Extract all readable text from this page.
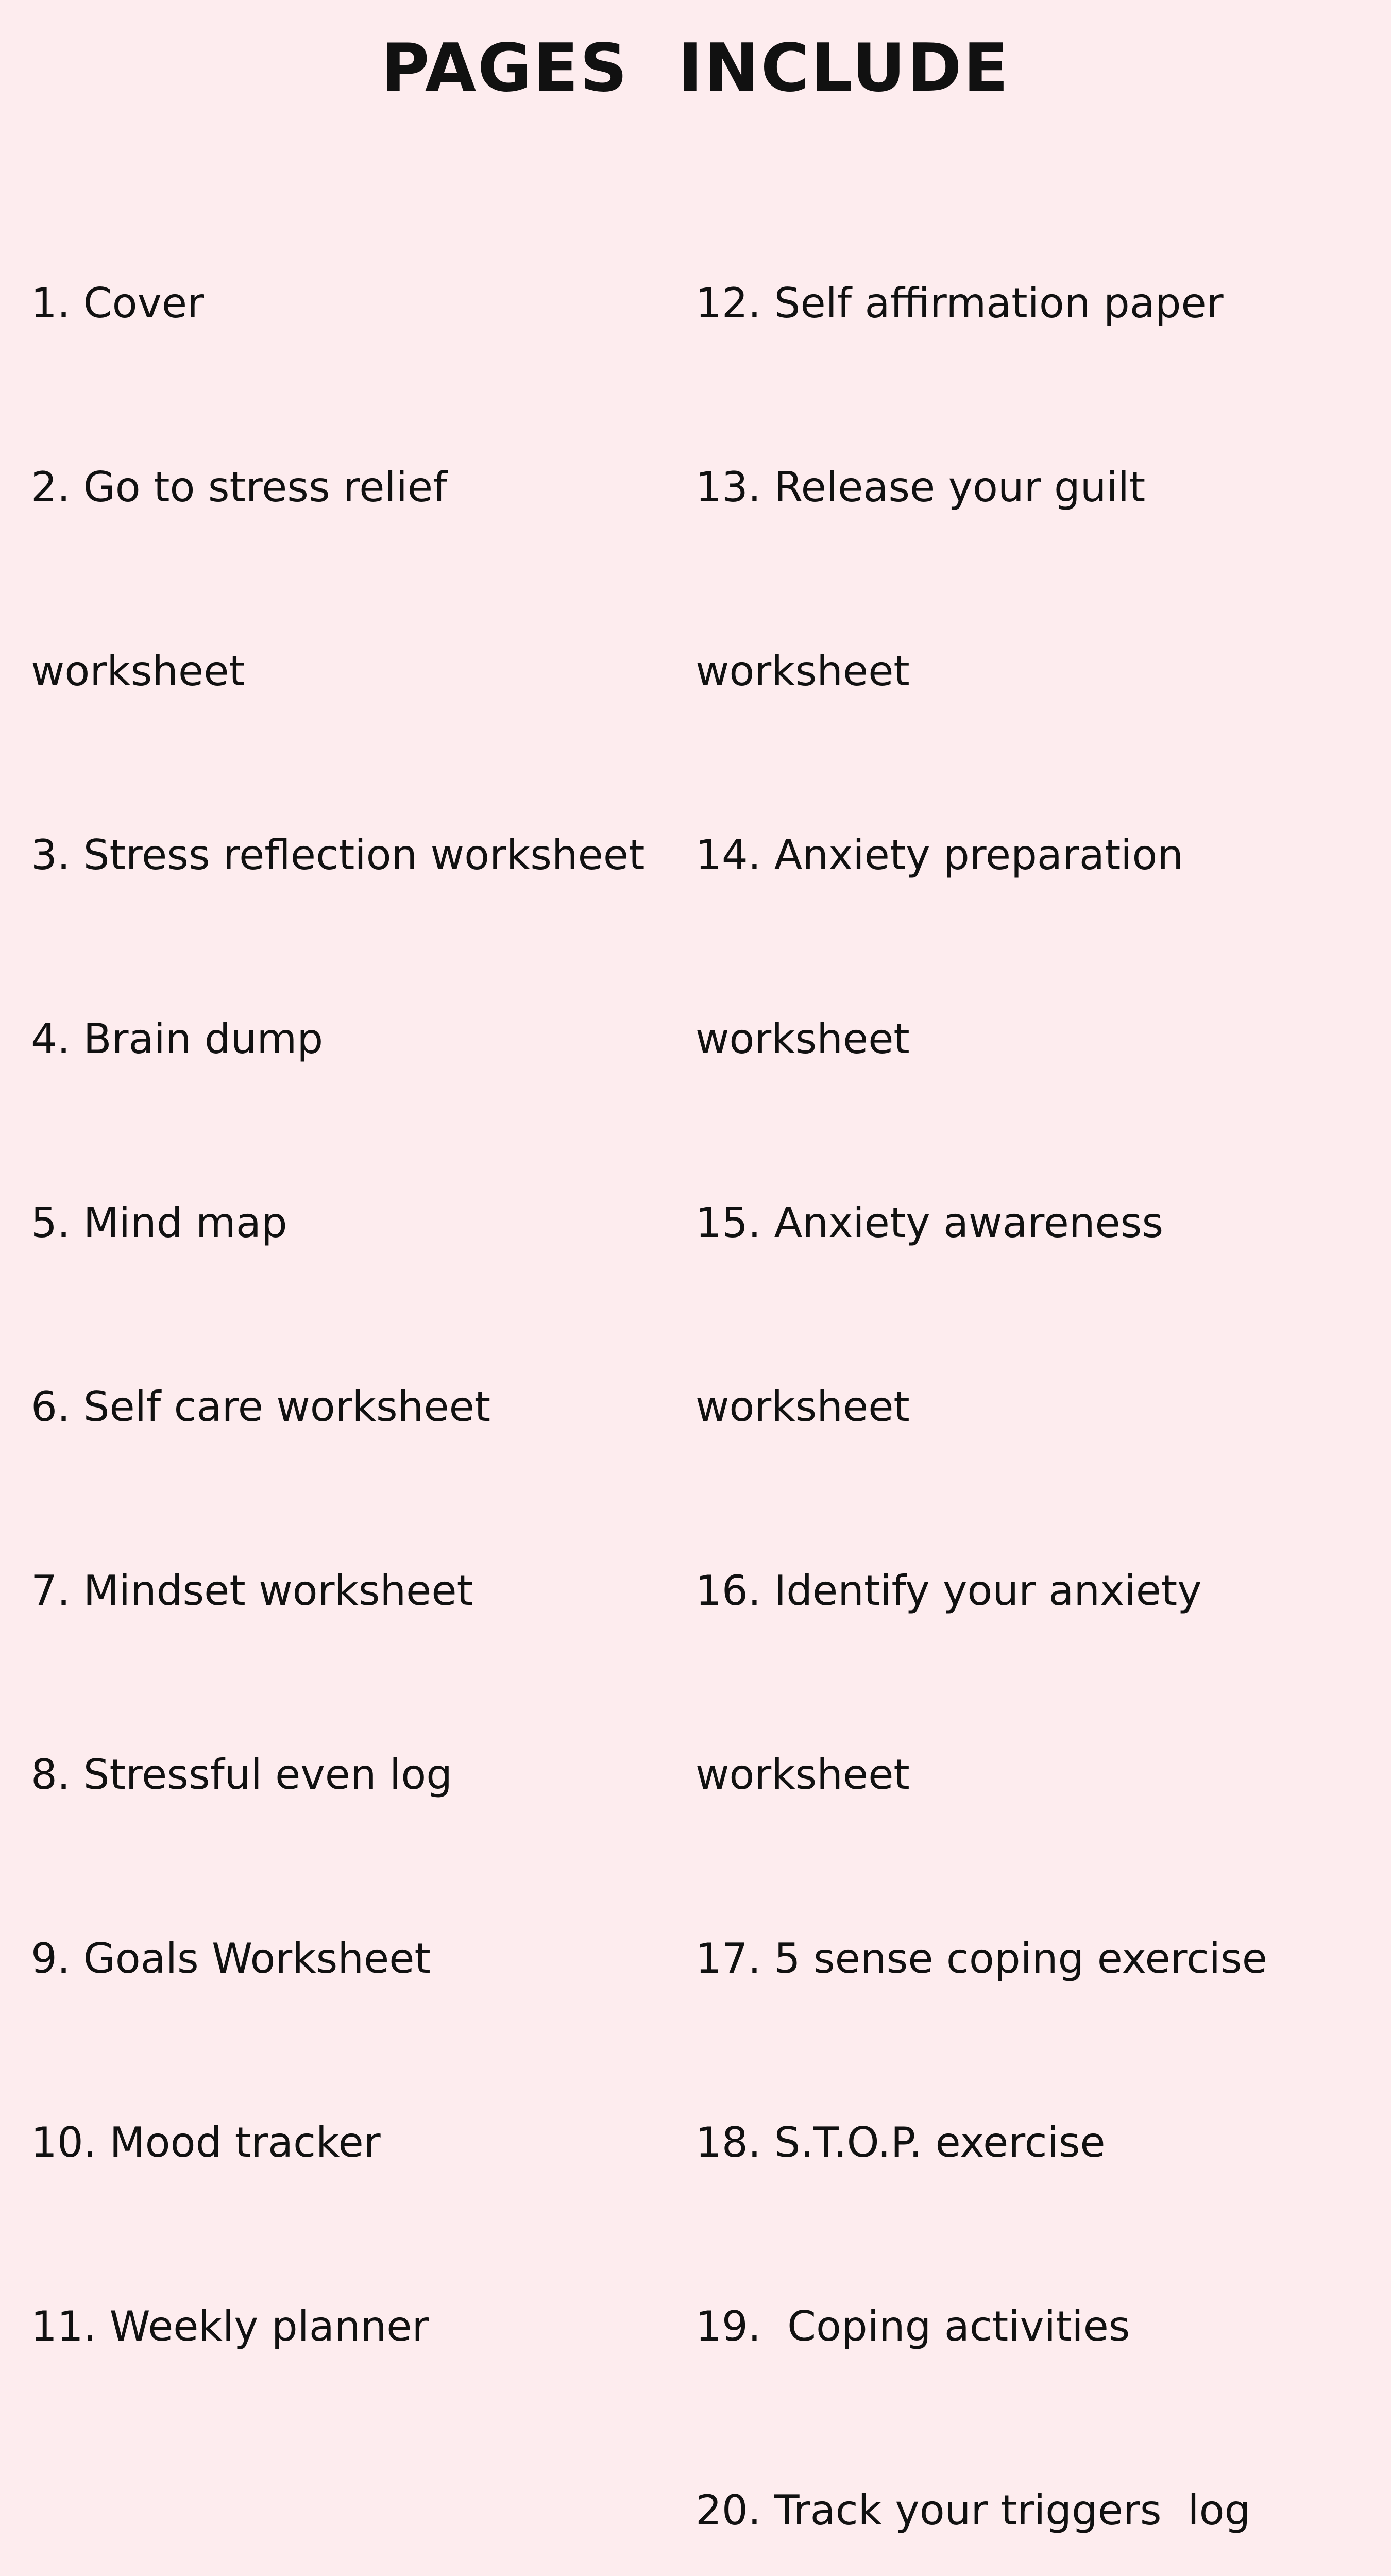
PAGES  INCLUDE

1. Cover

2. Go to stress relief

worksheet

3. Stress reflection worksheet

4. Brain dump

5. Mind map

6. Self care worksheet

7. Mindset worksheet

8. Stressful even log

9. Goals Worksheet

10. Mood tracker

11. Weekly planner

12. Self affirmation paper

13. Release your guilt

worksheet

14. Anxiety preparation

worksheet

15. Anxiety awareness

worksheet

16. Identify your anxiety

worksheet

17. 5 sense coping exercise

18. S.T.O.P. exercise

19.  Coping activities

20. Track your triggers  log
